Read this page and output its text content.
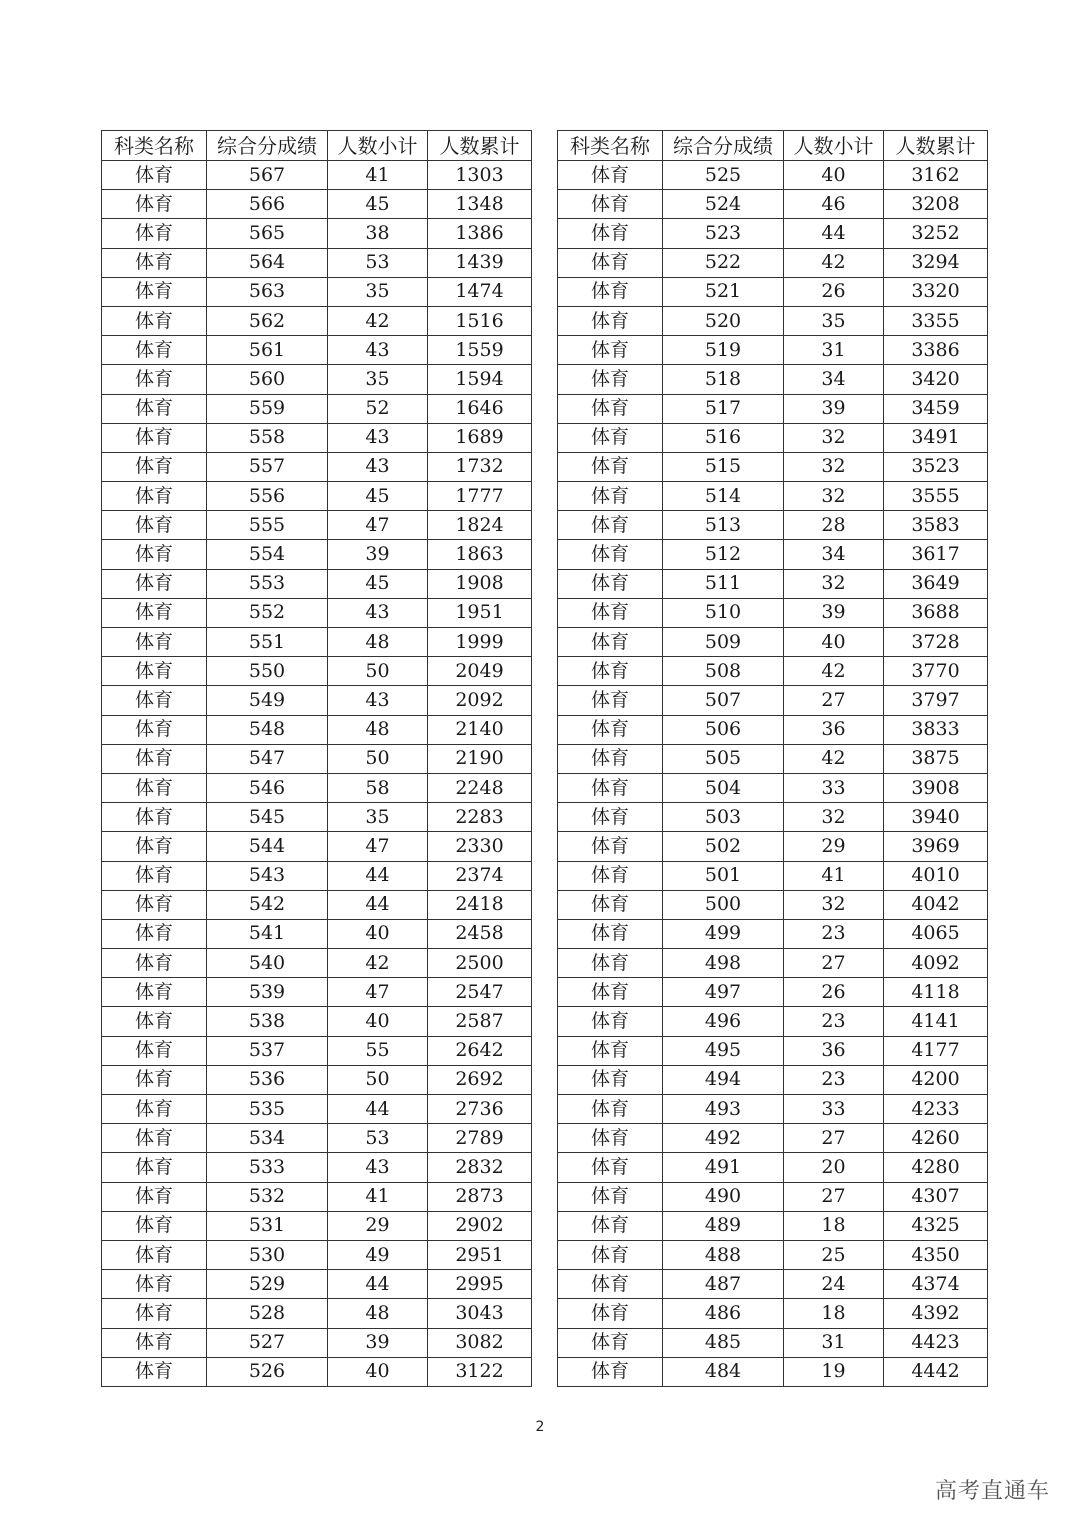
科类名称	综合分成绩	人数小计	人数累计
体育	567	41	1303
体育	566	45	1348
体育	565	38	1386
体育	564	53	1439
体育	563	35	1474
体育	562	42	1516
体育	561	43	1559
体育	560	35	1594
体育	559	52	1646
体育	558	43	1689
体育	557	43	1732
体育	556	45	1777
体育	555	47	1824
体育	554	39	1863
体育	553	45	1908
体育	552	43	1951
体育	551	48	1999
体育	550	50	2049
体育	549	43	2092
体育	548	48	2140
体育	547	50	2190
体育	546	58	2248
体育	545	35	2283
体育	544	47	2330
体育	543	44	2374
体育	542	44	2418
体育	541	40	2458
体育	540	42	2500
体育	539	47	2547
体育	538	40	2587
体育	537	55	2642
体育	536	50	2692
体育	535	44	2736
体育	534	53	2789
体育	533	43	2832
体育	532	41	2873
体育	531	29	2902
体育	530	49	2951
体育	529	44	2995
体育	528	48	3043
体育	527	39	3082
体育	526	40	3122
科类名称	综合分成绩	人数小计	人数累计
体育	525	40	3162
体育	524	46	3208
体育	523	44	3252
体育	522	42	3294
体育	521	26	3320
体育	520	35	3355
体育	519	31	3386
体育	518	34	3420
体育	517	39	3459
体育	516	32	3491
体育	515	32	3523
体育	514	32	3555
体育	513	28	3583
体育	512	34	3617
体育	511	32	3649
体育	510	39	3688
体育	509	40	3728
体育	508	42	3770
体育	507	27	3797
体育	506	36	3833
体育	505	42	3875
体育	504	33	3908
体育	503	32	3940
体育	502	29	3969
体育	501	41	4010
体育	500	32	4042
体育	499	23	4065
体育	498	27	4092
体育	497	26	4118
体育	496	23	4141
体育	495	36	4177
体育	494	23	4200
体育	493	33	4233
体育	492	27	4260
体育	491	20	4280
体育	490	27	4307
体育	489	18	4325
体育	488	25	4350
体育	487	24	4374
体育	486	18	4392
体育	485	31	4423
体育	484	19	4442
2
高考直通车
